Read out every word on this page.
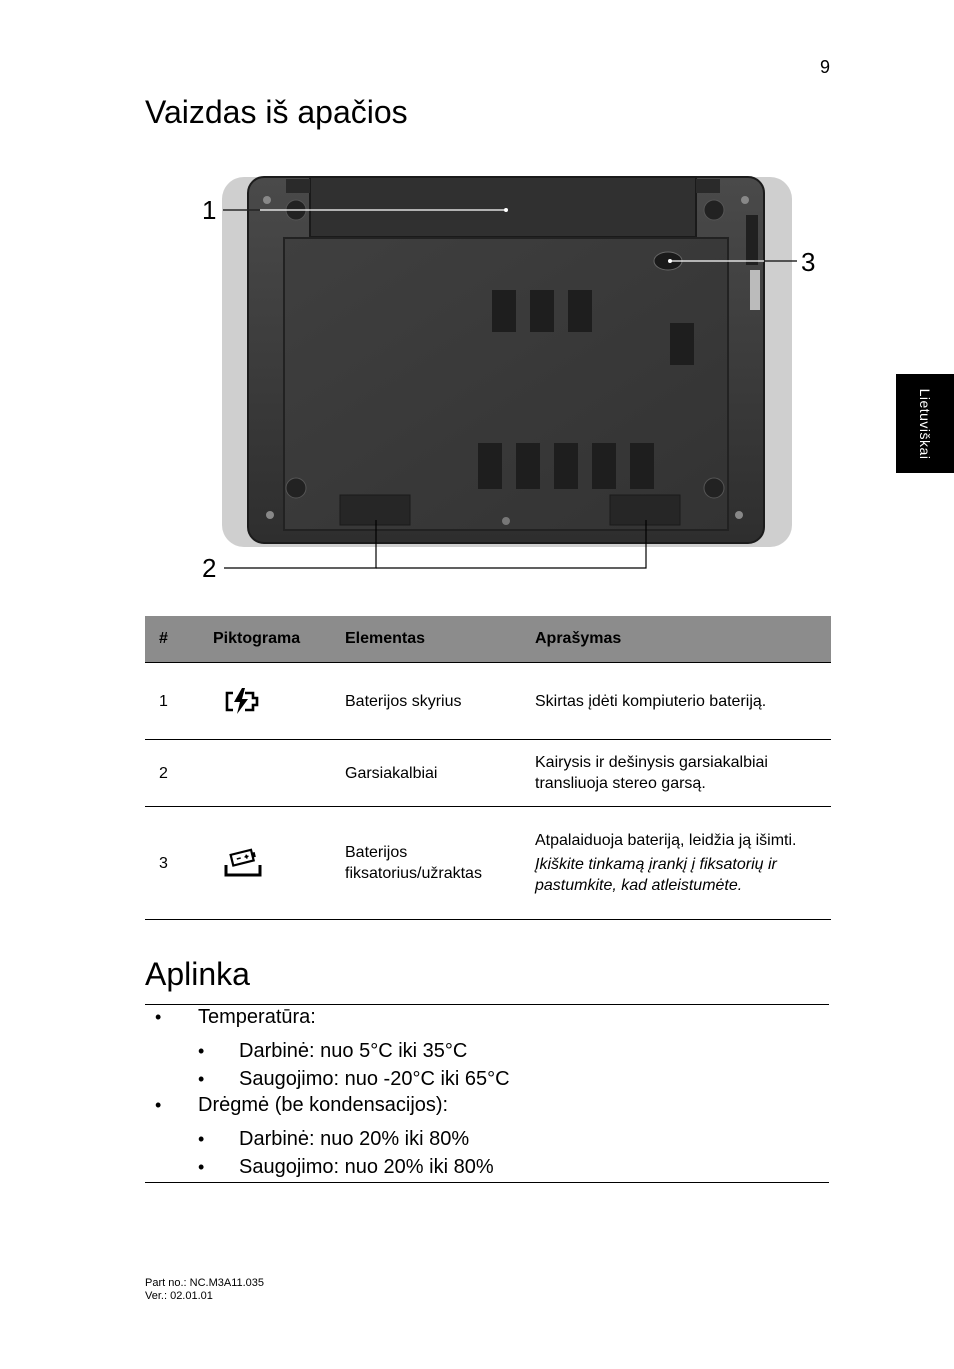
9
Vaizdas iš apačios
Lietuviškai
1
2
3
#	Piktograma	Elementas	Aprašymas
1		Baterijos skyrius	Skirtas įdėti kompiuterio bateriją.
2		Garsiakalbiai	Kairysis ir dešinysis garsiakalbiai transliuoja stereo garsą.
3		Baterijos fiksatorius/užraktas	Atpalaiduoja bateriją, leidžia ją išimti.
Įkiškite tinkamą įrankį į fiksatorių ir pastumkite, kad atleistumėte.
Aplinka
• Temperatūra:
• Darbinė: nuo 5°C iki 35°C
• Saugojimo: nuo -20°C iki 65°C
• Drėgmė (be kondensacijos):
• Darbinė: nuo 20% iki 80%
• Saugojimo: nuo 20% iki 80%
Part no.: NC.M3A11.035
Ver.: 02.01.01
